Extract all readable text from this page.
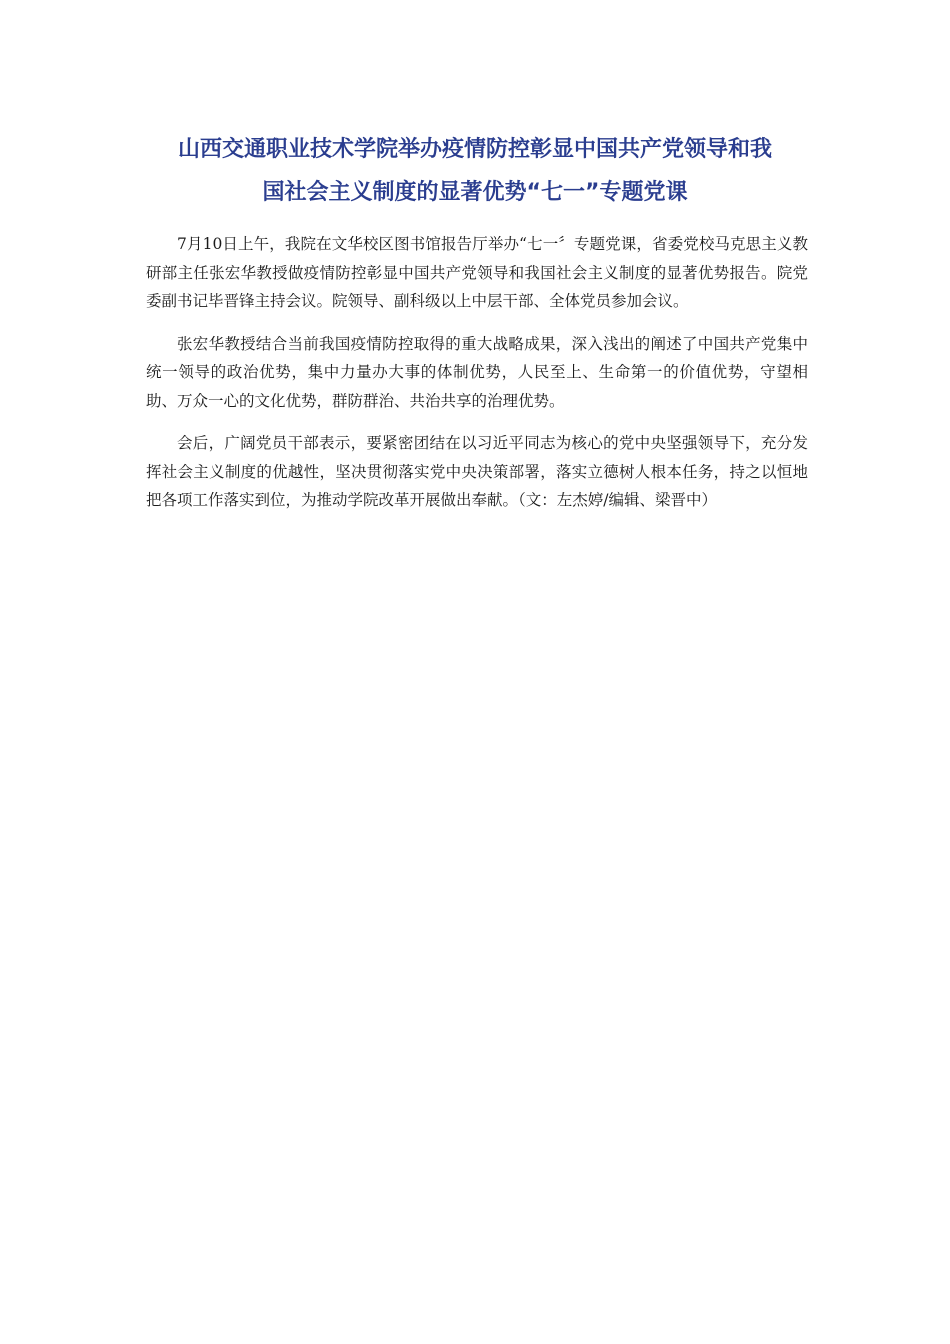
山西交通职业技术学院举办疫情防控彰显中国共产党领导和我
国社会主义制度的显著优势“七一”专题党课

7月10日上午，我院在文华校区图书馆报告厅举办“七一〞专题党课，省委党校马克思主义教研部主任张宏华教授做疫情防控彰显中国共产党领导和我国社会主义制度的显著优势报告。院党委副书记毕晋锋主持会议。院领导、副科级以上中层干部、全体党员参加会议。

张宏华教授结合当前我国疫情防控取得的重大战略成果，深入浅出的阐述了中国共产党集中统一领导的政治优势，集中力量办大事的体制优势，人民至上、生命第一的价值优势，守望相助、万众一心的文化优势，群防群治、共治共享的治理优势。

会后，广阔党员干部表示，要紧密团结在以习近平同志为核心的党中央坚强领导下，充分发挥社会主义制度的优越性，坚决贯彻落实党中央决策部署，落实立德树人根本任务，持之以恒地把各项工作落实到位，为推动学院改革开展做出奉献。（文：左杰婷/编辑、梁晋中）
